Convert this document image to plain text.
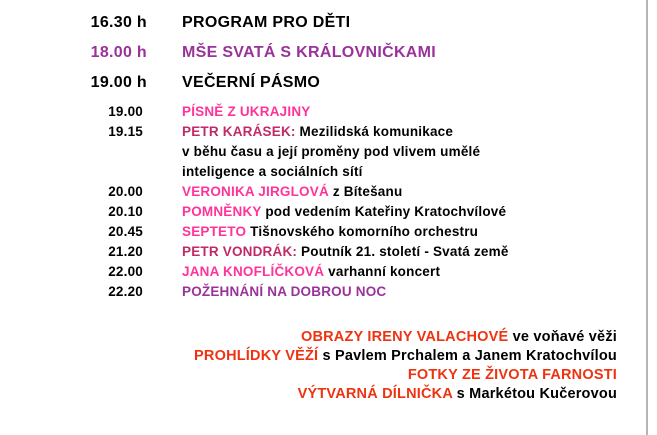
16.30 h PROGRAM PRO DĚTI
18.00 h MŠE SVATÁ S KRÁLOVNIČKAMI
19.00 h VEČERNÍ PÁSMO
19.00	PÍSNĚ Z UKRAJINY
19.15	PETR KARÁSEK: Mezilidská komunikace
v běhu času a její proměny pod vlivem umělé
inteligence a sociálních sítí
20.00	VERONIKA JIRGLOVÁ z Bítešanu
20.10	POMNĚNKY pod vedením Kateřiny Kratochvílové
20.45	SEPTETO Tišnovského komorního orchestru
21.20	PETR VONDRÁK: Poutník 21. století - Svatá země
22.00	JANA KNOFLÍČKOVÁ varhanní koncert
22.20	POŽEHNÁNÍ NA DOBROU NOC
OBRAZY IRENY VALACHOVÉ ve voňavé věži
PROHLÍDKY VĚŽÍ s Pavlem Prchalem a Janem Kratochvílou
FOTKY ZE ŽIVOTA FARNOSTI
VÝTVARNÁ DÍLNIČKA s Markétou Kučerovou
